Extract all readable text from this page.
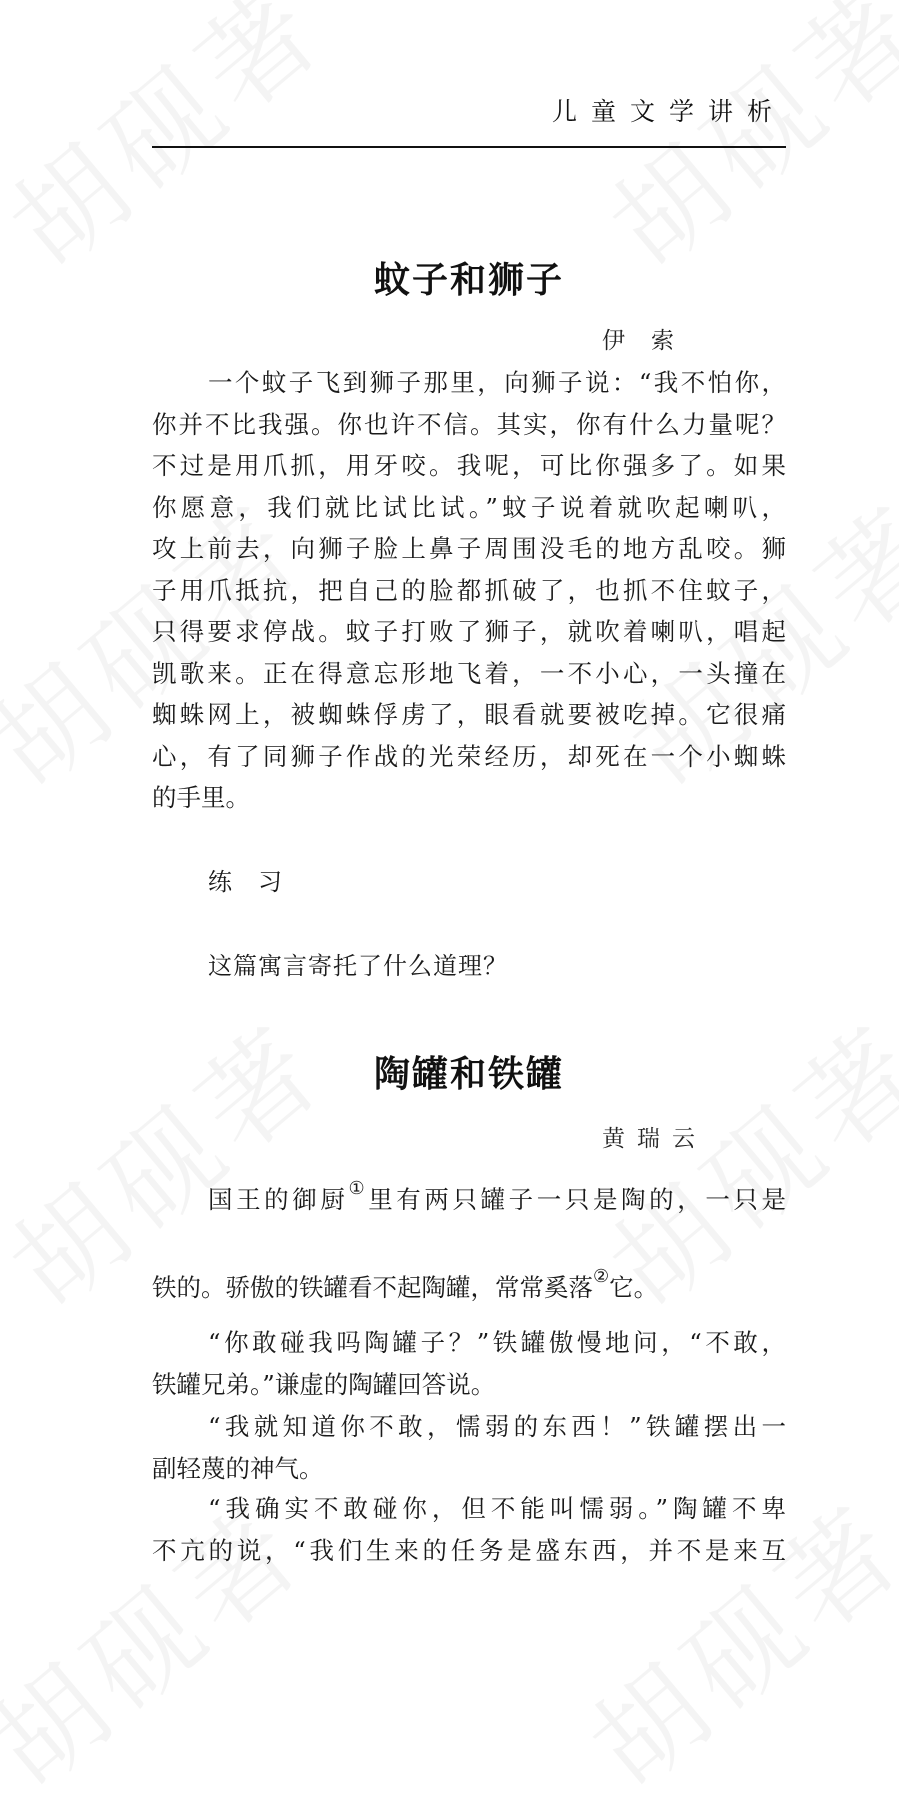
儿童文学讲析
蚊子和狮子
伊索
一个蚊子飞到狮子那里，向狮子说：“我不怕你，
你并不比我强。你也许不信。其实，你有什么力量呢？
不过是用爪抓，用牙咬。我呢，可比你强多了。如果
你愿意，我们就比试比试。”蚊子说着就吹起喇叭，
攻上前去，向狮子脸上鼻子周围没毛的地方乱咬。狮
子用爪抵抗，把自己的脸都抓破了，也抓不住蚊子，
只得要求停战。蚊子打败了狮子，就吹着喇叭，唱起
凯歌来。正在得意忘形地飞着，一不小心，一头撞在
蜘蛛网上，被蜘蛛俘虏了，眼看就要被吃掉。它很痛
心，有了同狮子作战的光荣经历，却死在一个小蜘蛛
的手里。
练习
这篇寓言寄托了什么道理？
陶罐和铁罐
黄瑞云
国王的御厨①里有两只罐子一只是陶的，一只是
铁的。骄傲的铁罐看不起陶罐，常常奚落②它。
“你敢碰我吗陶罐子？”铁罐傲慢地问，“不敢，
铁罐兄弟。”谦虚的陶罐回答说。
“我就知道你不敢，懦弱的东西！”铁罐摆出一
副轻蔑的神气。
“我确实不敢碰你，但不能叫懦弱。”陶罐不卑
不亢的说，“我们生来的任务是盛东西，并不是来互
